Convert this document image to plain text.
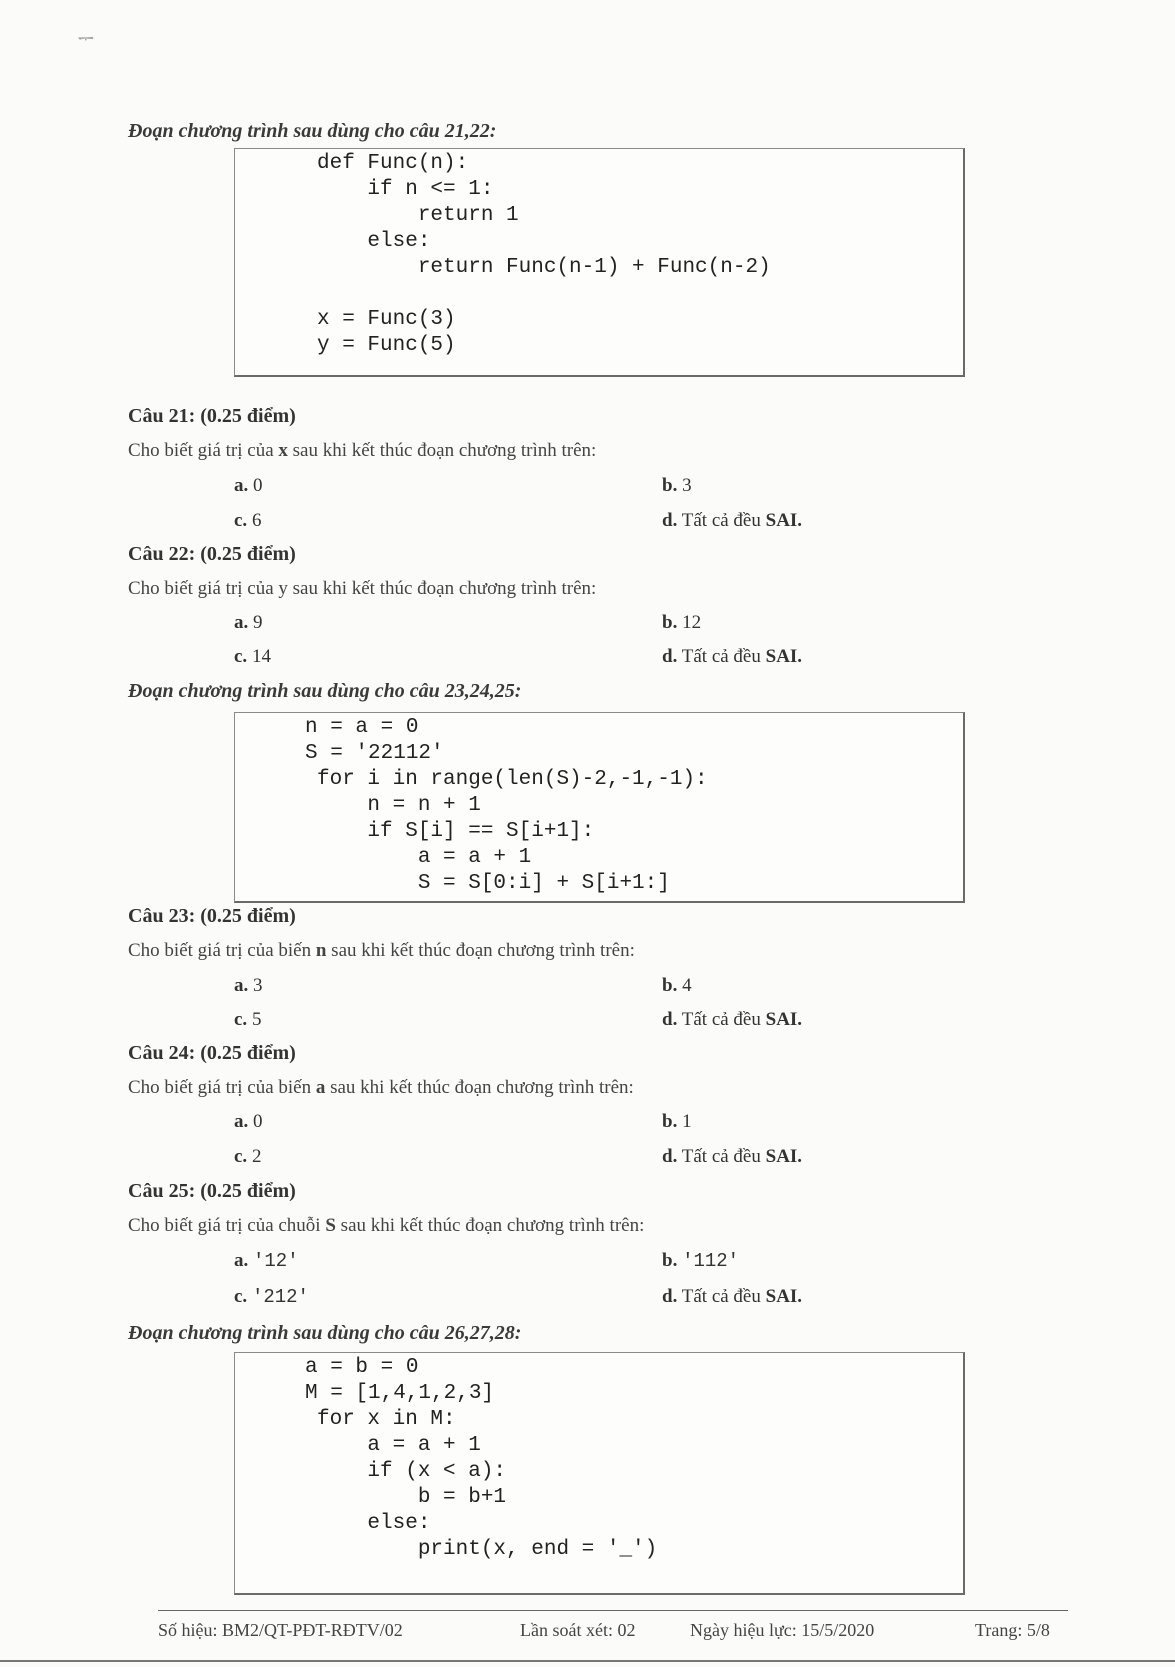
ᆕ
Đoạn chương trình sau dùng cho câu 21,22:
def Func(n):
if n <= 1:
return 1
else:
return Func(n-1) + Func(n-2)
x = Func(3)
y = Func(5)
Câu 21: (0.25 điểm)
Cho biết giá trị của x sau khi kết thúc đoạn chương trình trên:
a. 0	b. 3
c. 6	d. Tất cả đều SAI.
Câu 22: (0.25 điểm)
Cho biết giá trị của y sau khi kết thúc đoạn chương trình trên:
a. 9	b. 12
c. 14	d. Tất cả đều SAI.
Đoạn chương trình sau dùng cho câu 23,24,25:
n = a = 0
S = '22112'
for i in range(len(S)-2,-1,-1):
n = n + 1
if S[i] == S[i+1]:
a = a + 1
S = S[0:i] + S[i+1:]
Câu 23: (0.25 điểm)
Cho biết giá trị của biến n sau khi kết thúc đoạn chương trình trên:
a. 3	b. 4
c. 5	d. Tất cả đều SAI.
Câu 24: (0.25 điểm)
Cho biết giá trị của biến a sau khi kết thúc đoạn chương trình trên:
a. 0	b. 1
c. 2	d. Tất cả đều SAI.
Câu 25: (0.25 điểm)
Cho biết giá trị của chuỗi S sau khi kết thúc đoạn chương trình trên:
a. '12'	b. '112'
c. '212'	d. Tất cả đều SAI.
Đoạn chương trình sau dùng cho câu 26,27,28:
a = b = 0
M = [1,4,1,2,3]
for x in M:
a = a + 1
if (x < a):
b = b+1
else:
print(x, end = '_')
Số hiệu: BM2/QT-PĐT-RĐTV/02	Lần soát xét: 02	Ngày hiệu lực: 15/5/2020	Trang: 5/8
